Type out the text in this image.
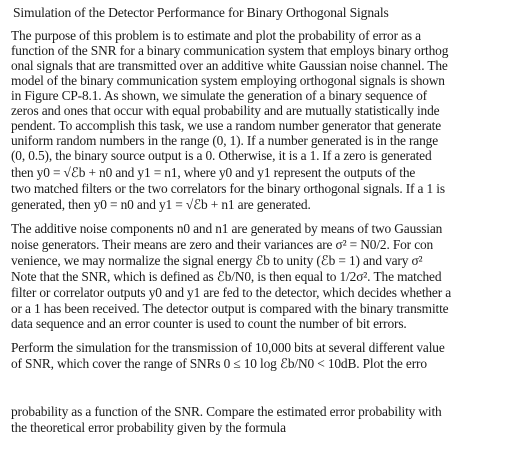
Simulation of the Detector Performance for Binary Orthogonal Signals
The purpose of this problem is to estimate and plot the probability of error as a
function of the SNR for a binary communication system that employs binary orthog
onal signals that are transmitted over an additive white Gaussian noise channel. The
model of the binary communication system employing orthogonal signals is shown
in Figure CP-8.1. As shown, we simulate the generation of a binary sequence of
zeros and ones that occur with equal probability and are mutually statistically inde
pendent. To accomplish this task, we use a random number generator that generate
uniform random numbers in the range (0, 1). If a number generated is in the range
(0, 0.5), the binary source output is a 0. Otherwise, it is a 1. If a zero is generated
then y0 = √ℰb + n0 and y1 = n1, where y0 and y1 represent the outputs of the
two matched filters or the two correlators for the binary orthogonal signals. If a 1 is
generated, then y0 = n0 and y1 = √ℰb + n1 are generated.
The additive noise components n0 and n1 are generated by means of two Gaussian
noise generators. Their means are zero and their variances are σ² = N0/2. For con
venience, we may normalize the signal energy ℰb to unity (ℰb = 1) and vary σ²
Note that the SNR, which is defined as ℰb/N0, is then equal to 1/2σ². The matched
filter or correlator outputs y0 and y1 are fed to the detector, which decides whether a
or a 1 has been received. The detector output is compared with the binary transmitte
data sequence and an error counter is used to count the number of bit errors.
Perform the simulation for the transmission of 10,000 bits at several different value
of SNR, which cover the range of SNRs 0 ≤ 10 log ℰb/N0 < 10dB. Plot the erro
probability as a function of the SNR. Compare the estimated error probability with
the theoretical error probability given by the formula
